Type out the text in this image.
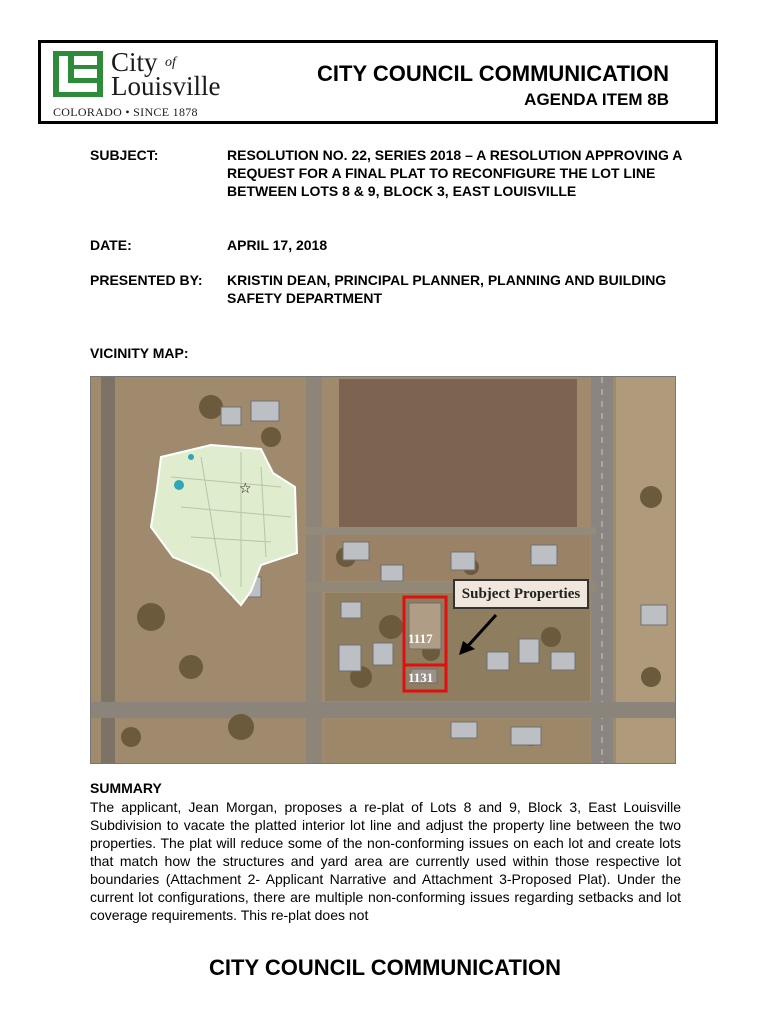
City of
Louisville
COLORADO • SINCE 1878
CITY COUNCIL COMMUNICATION
AGENDA ITEM 8B
SUBJECT:	RESOLUTION NO. 22, SERIES 2018 – A RESOLUTION APPROVING A REQUEST FOR A FINAL PLAT TO RECONFIGURE THE LOT LINE BETWEEN LOTS 8 & 9, BLOCK 3, EAST LOUISVILLE
DATE:	APRIL 17, 2018
PRESENTED BY: KRISTIN DEAN, PRINCIPAL PLANNER, PLANNING AND BUILDING SAFETY DEPARTMENT
VICINITY MAP:
☆
Subject Properties
1117
1131
SUMMARY
The applicant, Jean Morgan, proposes a re-plat of Lots 8 and 9, Block 3, East Louisville Subdivision to vacate the platted interior lot line and adjust the property line between the two properties. The plat will reduce some of the non-conforming issues on each lot and create lots that match how the structures and yard area are currently used within those respective lot boundaries (Attachment 2- Applicant Narrative and Attachment 3-Proposed Plat). Under the current lot configurations, there are multiple non-conforming issues regarding setbacks and lot coverage requirements. This re-plat does not
CITY COUNCIL COMMUNICATION
